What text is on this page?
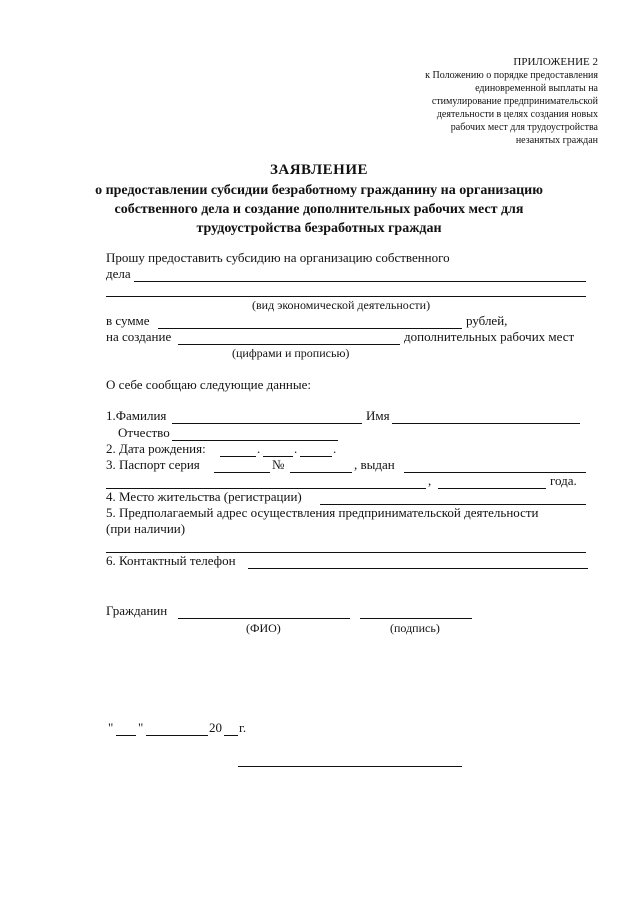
ПРИЛОЖЕНИЕ 2
к Положению о порядке предоставления
единовременной выплаты на
стимулирование предпринимательской
деятельности в целях создания новых
рабочих мест для трудоустройства
незанятых граждан
ЗАЯВЛЕНИЕ
о предоставлении субсидии безработному гражданину на организацию
собственного дела и создание дополнительных рабочих мест для
трудоустройства безработных граждан
Прошу предоставить субсидию на организацию собственного
дела
(вид экономической деятельности)
в сумме	рублей,
на создание	дополнительных рабочих мест
(цифрами и прописью)
О себе сообщаю следующие данные:
1.Фамилия	Имя
Отчество
2. Дата рождения:	.	.	.
3. Паспорт серия	№	, выдан
,	года.
4. Место жительства (регистрации)
5. Предполагаемый адрес осуществления предпринимательской деятельности
(при наличии)
6. Контактный телефон
Гражданин
(ФИО)	(подпись)
" "	20 г.
